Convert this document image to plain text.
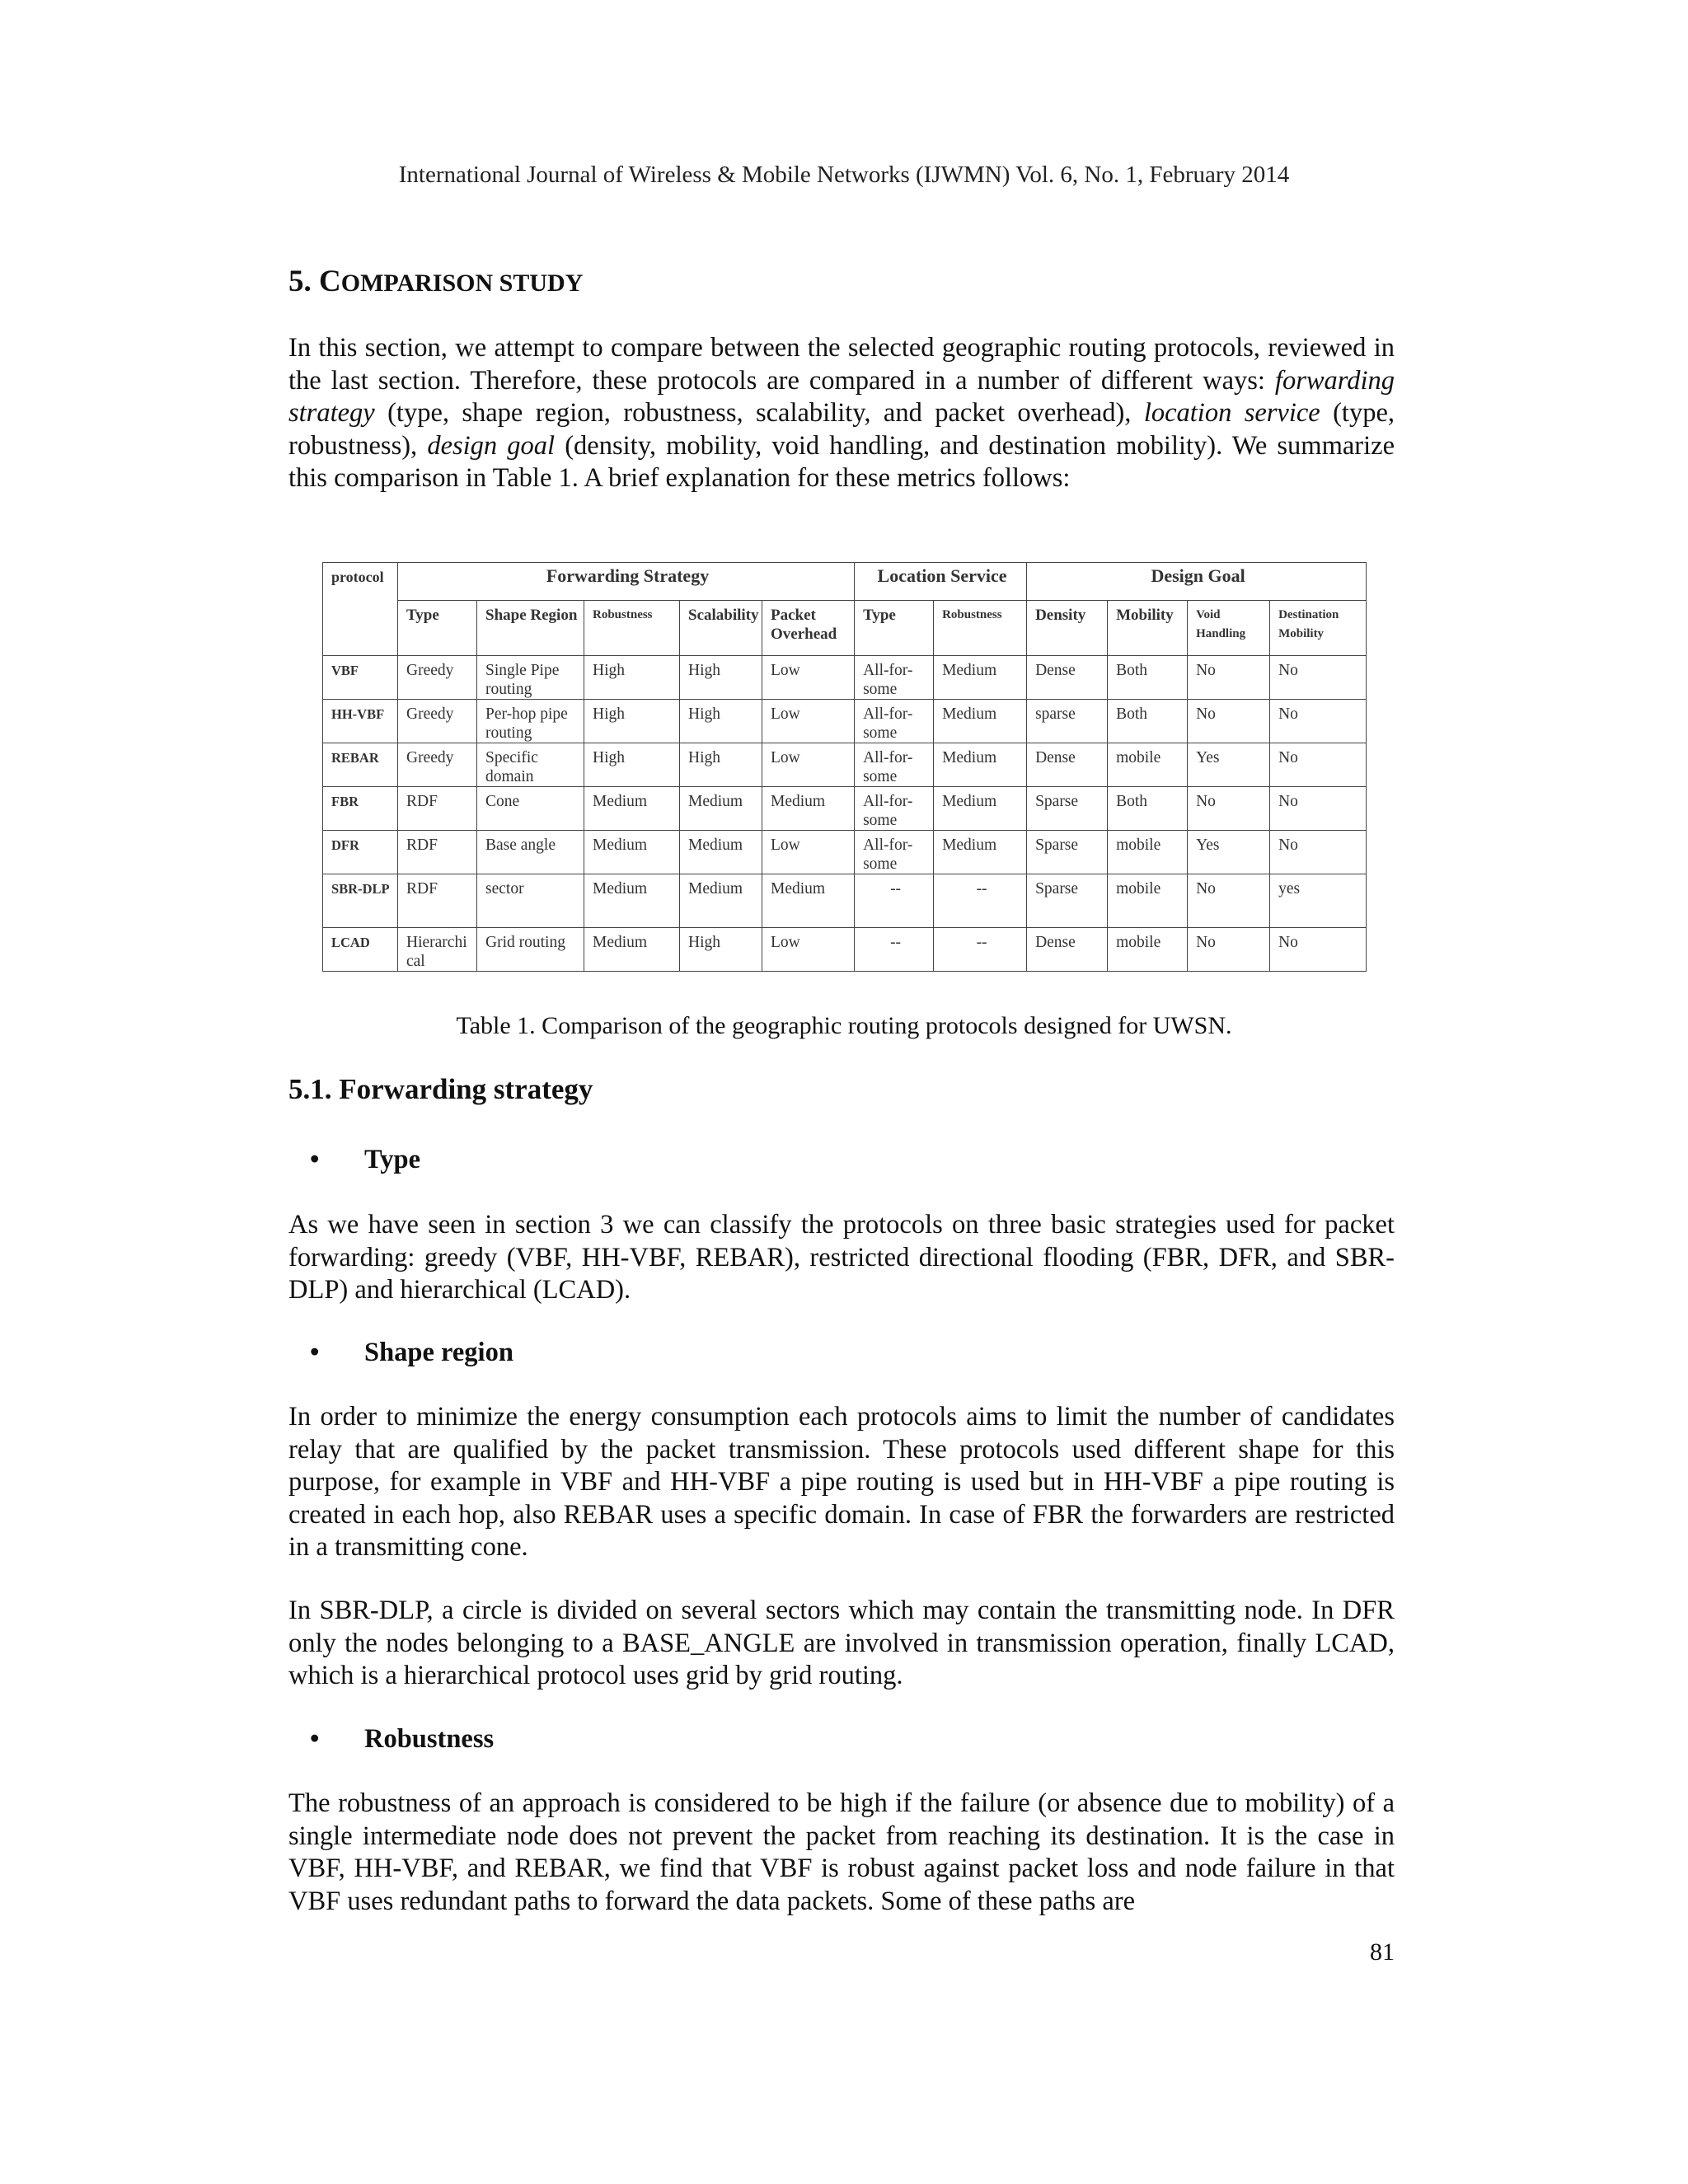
International Journal of Wireless & Mobile Networks (IJWMN) Vol. 6, No. 1, February 2014
5. COMPARISON STUDY

In this section, we attempt to compare between the selected geographic routing protocols, reviewed in the last section. Therefore, these protocols are compared in a number of different ways: forwarding strategy (type, shape region, robustness, scalability, and packet overhead), location service (type, robustness), design goal (density, mobility, void handling, and destination mobility). We summarize this comparison in Table 1. A brief explanation for these metrics follows:

protocol	Forwarding Strategy					Location Service		Design Goal			
	Type	Shape Region	Robustness	Scalability	Packet Overhead	Type	Robustness	Density	Mobility	Void Handling	Destination Mobility
VBF	Greedy	Single Pipe routing	High	High	Low	All-for-some	Medium	Dense	Both	No	No
HH-VBF	Greedy	Per-hop pipe routing	High	High	Low	All-for-some	Medium	sparse	Both	No	No
REBAR	Greedy	Specific domain	High	High	Low	All-for-some	Medium	Dense	mobile	Yes	No
FBR	RDF	Cone	Medium	Medium	Medium	All-for-some	Medium	Sparse	Both	No	No
DFR	RDF	Base angle	Medium	Medium	Low	All-for-some	Medium	Sparse	mobile	Yes	No
SBR-DLP	RDF	sector	Medium	Medium	Medium	--	--	Sparse	mobile	No	yes
LCAD	Hierarchical	Grid routing	Medium	High	Low	--	--	Dense	mobile	No	No
Table 1. Comparison of the geographic routing protocols designed for UWSN.
5.1. Forwarding strategy
• Type

As we have seen in section 3 we can classify the protocols on three basic strategies used for packet forwarding: greedy (VBF, HH-VBF, REBAR), restricted directional flooding (FBR, DFR, and SBR-DLP) and hierarchical (LCAD).

• Shape region

In order to minimize the energy consumption each protocols aims to limit the number of candidates relay that are qualified by the packet transmission. These protocols used different shape for this purpose, for example in VBF and HH-VBF a pipe routing is used but in HH-VBF a pipe routing is created in each hop, also REBAR uses a specific domain. In case of FBR the forwarders are restricted in a transmitting cone.

In SBR-DLP, a circle is divided on several sectors which may contain the transmitting node. In DFR only the nodes belonging to a BASE_ANGLE are involved in transmission operation, finally LCAD, which is a hierarchical protocol uses grid by grid routing.

• Robustness

The robustness of an approach is considered to be high if the failure (or absence due to mobility) of a single intermediate node does not prevent the packet from reaching its destination. It is the case in VBF, HH-VBF, and REBAR, we find that VBF is robust against packet loss and node failure in that VBF uses redundant paths to forward the data packets. Some of these paths are

81
